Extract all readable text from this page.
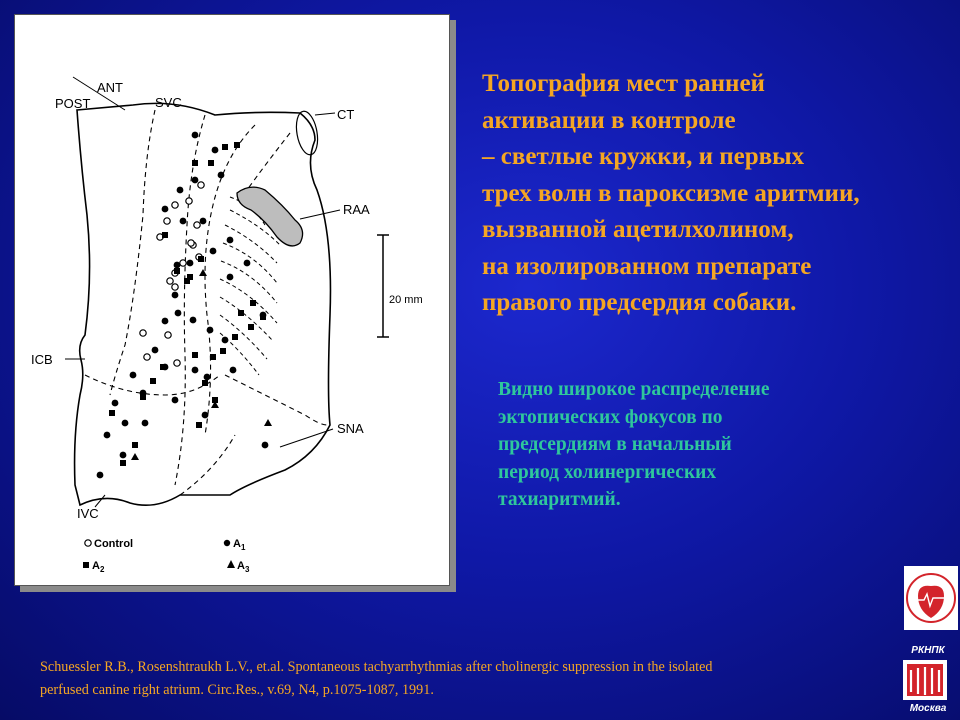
ANT
POST	SVC
CT
RAA
20 mm
ICB
SNA
IVC
Control	$A_1$
$A_2$	$A_3$
Топография мест ранней
активации в контроле
– светлые кружки, и первых
трех волн в пароксизме аритмии,
вызванной ацетилхолином,
на изолированном препарате
правого предсердия собаки.
Видно широкое распределение
эктопических фокусов по
предсердиям в начальный
период холинергических
тахиаритмий.
Schuessler R.B., Rosenshtraukh L.V., et.al. Spontaneous tachyarrhythmias after cholinergic suppression in the isolated
perfused canine right atrium. Circ.Res., v.69, N4, p.1075-1087, 1991.
РКНПК
Москва
